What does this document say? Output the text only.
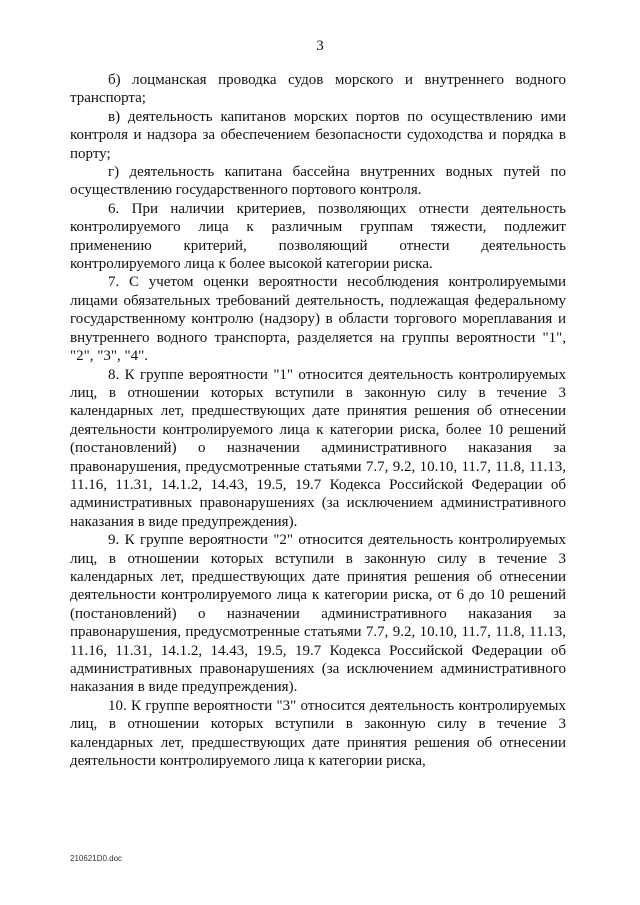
3

б) лоцманская проводка судов морского и внутреннего водного транспорта;

в) деятельность капитанов морских портов по осуществлению ими контроля и надзора за обеспечением безопасности судоходства и порядка в порту;

г) деятельность капитана бассейна внутренних водных путей по осуществлению государственного портового контроля.

6. При наличии критериев, позволяющих отнести деятельность контролируемого лица к различным группам тяжести, подлежит применению критерий, позволяющий отнести деятельность контролируемого лица к более высокой категории риска.

7. С учетом оценки вероятности несоблюдения контролируемыми лицами обязательных требований деятельность, подлежащая федеральному государственному контролю (надзору) в области торгового мореплавания и внутреннего водного транспорта, разделяется на группы вероятности "1", "2", "3", "4".

8. К группе вероятности "1" относится деятельность контролируемых лиц, в отношении которых вступили в законную силу в течение 3 календарных лет, предшествующих дате принятия решения об отнесении деятельности контролируемого лица к категории риска, более 10 решений (постановлений) о назначении административного наказания за правонарушения, предусмотренные статьями 7.7, 9.2, 10.10, 11.7, 11.8, 11.13, 11.16, 11.31, 14.1.2, 14.43, 19.5, 19.7 Кодекса Российской Федерации об административных правонарушениях (за исключением административного наказания в виде предупреждения).

9. К группе вероятности "2" относится деятельность контролируемых лиц, в отношении которых вступили в законную силу в течение 3 календарных лет, предшествующих дате принятия решения об отнесении деятельности контролируемого лица к категории риска, от 6 до 10 решений (постановлений) о назначении административного наказания за правонарушения, предусмотренные статьями 7.7, 9.2, 10.10, 11.7, 11.8, 11.13, 11.16, 11.31, 14.1.2, 14.43, 19.5, 19.7 Кодекса Российской Федерации об административных правонарушениях (за исключением административного наказания в виде предупреждения).

10. К группе вероятности "3" относится деятельность контролируемых лиц, в отношении которых вступили в законную силу в течение 3 календарных лет, предшествующих дате принятия решения об отнесении деятельности контролируемого лица к категории риска,

210621D0.doc
